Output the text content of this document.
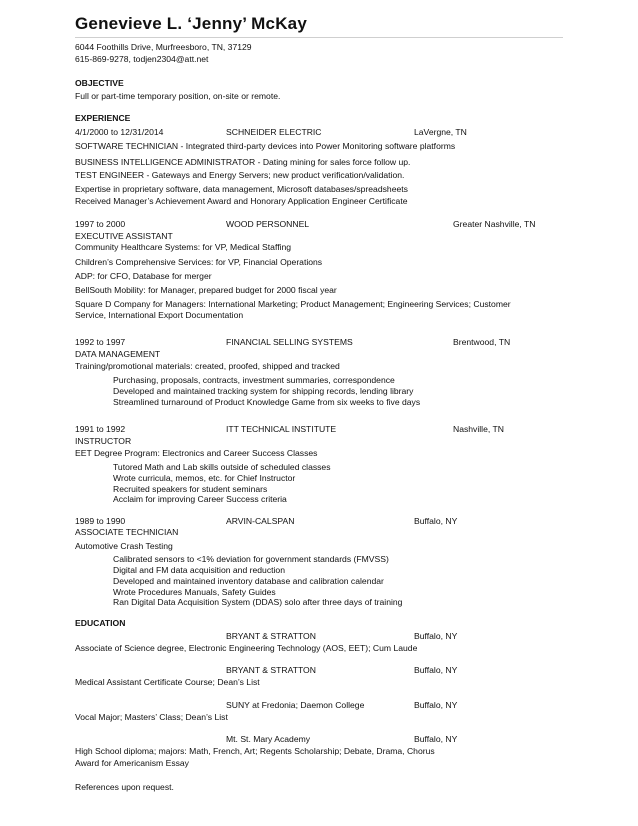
Genevieve L. ‘Jenny’ McKay
6044 Foothills Drive, Murfreesboro, TN, 37129
615-869-9278, todjen2304@att.net
OBJECTIVE
Full or part-time temporary position, on-site or remote.
EXPERIENCE
4/1/2000 to 12/31/2014	SCHNEIDER ELECTRIC	LaVergne, TN
SOFTWARE TECHNICIAN - Integrated third-party devices into Power Monitoring software platforms
BUSINESS INTELLIGENCE ADMINISTRATOR - Dating mining for sales force follow up.
TEST ENGINEER - Gateways and Energy Servers; new product verification/validation.
Expertise in proprietary software, data management, Microsoft databases/spreadsheets
Received Manager’s Achievement Award and Honorary Application Engineer Certificate
1997 to 2000	WOOD PERSONNEL	Greater Nashville, TN
EXECUTIVE ASSISTANT
Community Healthcare Systems: for VP, Medical Staffing
Children’s Comprehensive Services: for VP, Financial Operations
ADP: for CFO, Database for merger
BellSouth Mobility: for Manager, prepared budget for 2000 fiscal year
Square D Company for Managers: International Marketing; Product Management; Engineering Services; Customer
Service, International Export Documentation
1992 to 1997	FINANCIAL SELLING SYSTEMS	Brentwood, TN
DATA MANAGEMENT
Training/promotional materials: created, proofed, shipped and tracked
Purchasing, proposals, contracts, investment summaries, correspondence
Developed and maintained tracking system for shipping records, lending library
Streamlined turnaround of Product Knowledge Game from six weeks to five days
1991 to 1992	ITT TECHNICAL INSTITUTE	Nashville, TN
INSTRUCTOR
EET Degree Program: Electronics and Career Success Classes
Tutored Math and Lab skills outside of scheduled classes
Wrote curricula, memos, etc. for Chief Instructor
Recruited speakers for student seminars
Acclaim for improving Career Success criteria
1989 to 1990	ARVIN-CALSPAN	Buffalo, NY
ASSOCIATE TECHNICIAN
Automotive Crash Testing
Calibrated sensors to <1% deviation for government standards (FMVSS)
Digital and FM data acquisition and reduction
Developed and maintained inventory database and calibration calendar
Wrote Procedures Manuals, Safety Guides
Ran Digital Data Acquisition System (DDAS) solo after three days of training
EDUCATION
BRYANT & STRATTON	Buffalo, NY
Associate of Science degree, Electronic Engineering Technology (AOS, EET); Cum Laude
BRYANT & STRATTON	Buffalo, NY
Medical Assistant Certificate Course; Dean’s List
SUNY at Fredonia; Daemon College	Buffalo, NY
Vocal Major; Masters’ Class; Dean’s List
Mt. St. Mary Academy	Buffalo, NY
High School diploma; majors: Math, French, Art; Regents Scholarship; Debate, Drama, Chorus
Award for Americanism Essay
References upon request.
